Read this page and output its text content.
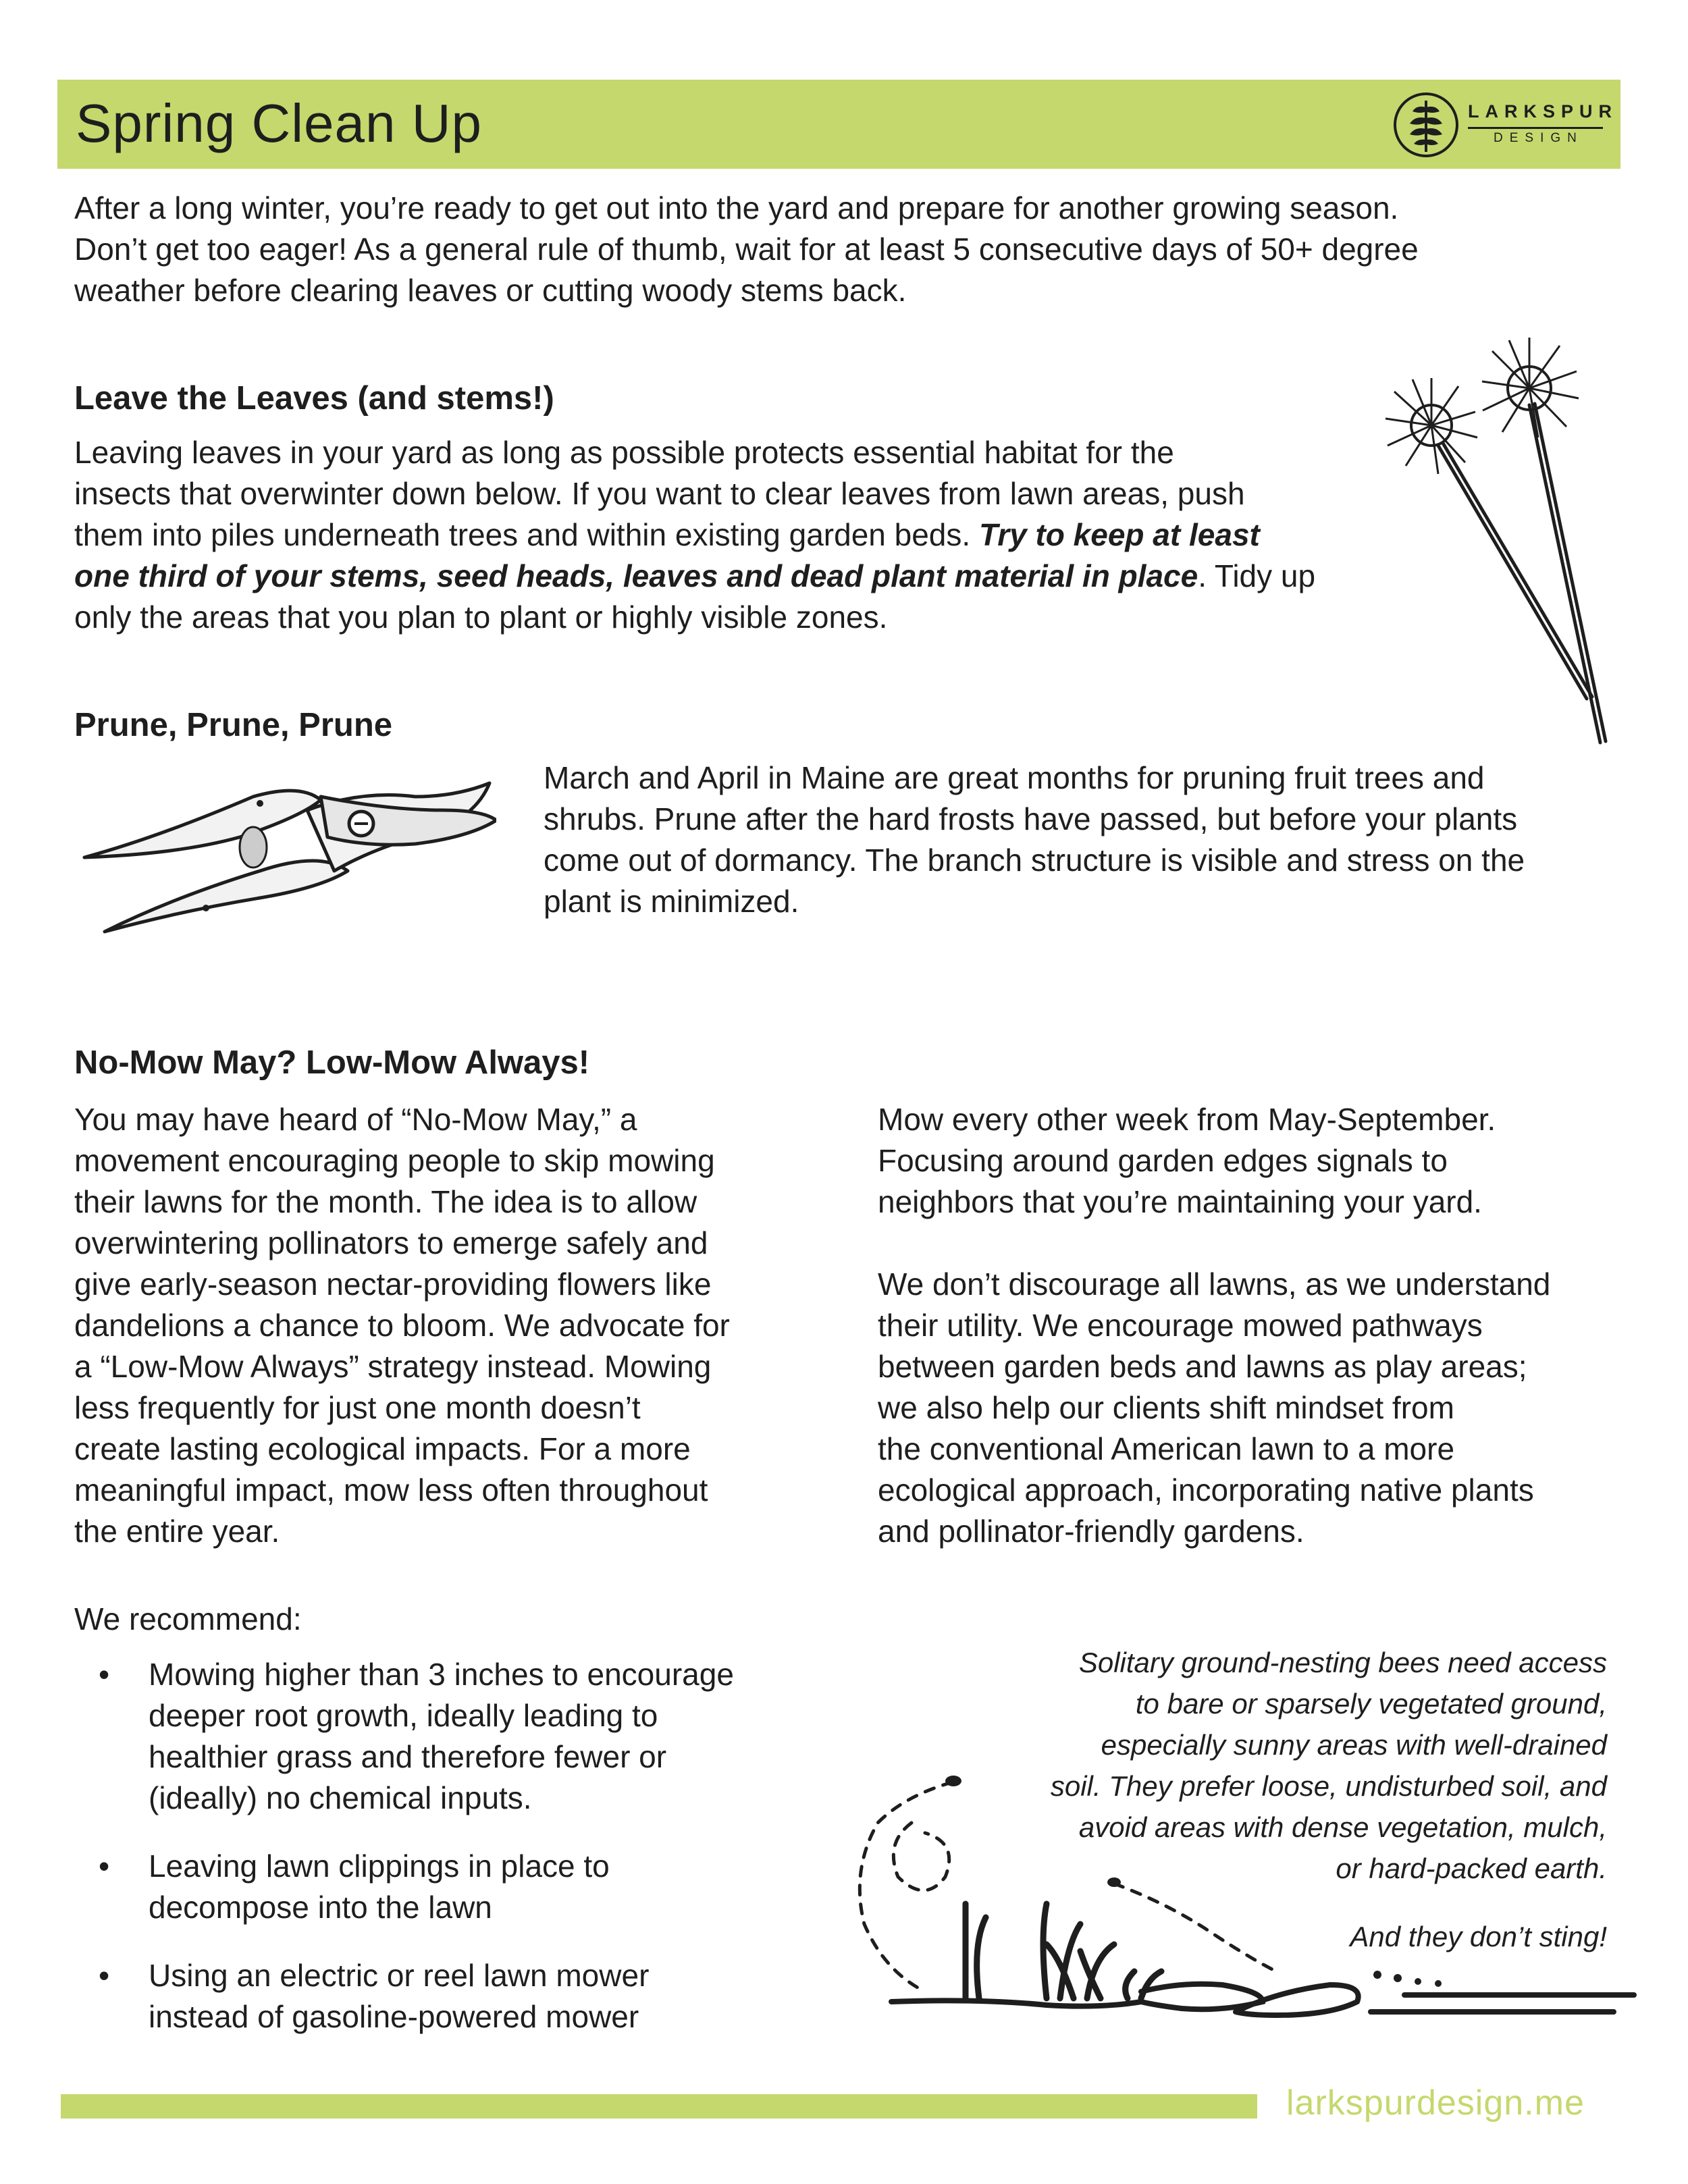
Spring Clean Up	LARKSPUR
DESIGN
After a long winter, you’re ready to get out into the yard and prepare for another growing season.
Don’t get too eager! As a general rule of thumb, wait for at least 5 consecutive days of 50+ degree
weather before clearing leaves or cutting woody stems back.
Leave the Leaves (and stems!)
Leaving leaves in your yard as long as possible protects essential habitat for the
insects that overwinter down below. If you want to clear leaves from lawn areas, push
them into piles underneath trees and within existing garden beds. Try to keep at least
one third of your stems, seed heads, leaves and dead plant material in place. Tidy up
only the areas that you plan to plant or highly visible zones.
Prune, Prune, Prune
March and April in Maine are great months for pruning fruit trees and
shrubs. Prune after the hard frosts have passed, but before your plants
come out of dormancy. The branch structure is visible and stress on the
plant is minimized.
No-Mow May? Low-Mow Always!
You may have heard of “No-Mow May,” a
movement encouraging people to skip mowing
their lawns for the month. The idea is to allow
overwintering pollinators to emerge safely and
give early-season nectar-providing flowers like
dandelions a chance to bloom. We advocate for
a “Low-Mow Always” strategy instead. Mowing
less frequently for just one month doesn’t
create lasting ecological impacts. For a more
meaningful impact, mow less often throughout
the entire year.
We recommend:
• Mowing higher than 3 inches to encourage
deeper root growth, ideally leading to
healthier grass and therefore fewer or
(ideally) no chemical inputs.
• Leaving lawn clippings in place to
decompose into the lawn
• Using an electric or reel lawn mower
instead of gasoline-powered mower
Mow every other week from May-September.
Focusing around garden edges signals to
neighbors that you’re maintaining your yard.
We don’t discourage all lawns, as we understand
their utility. We encourage mowed pathways
between garden beds and lawns as play areas;
we also help our clients shift mindset from
the conventional American lawn to a more
ecological approach, incorporating native plants
and pollinator-friendly gardens.
Solitary ground-nesting bees need access
to bare or sparsely vegetated ground,
especially sunny areas with well-drained
soil. They prefer loose, undisturbed soil, and
avoid areas with dense vegetation, mulch,
or hard-packed earth.
And they don’t sting!
larkspurdesign.me
